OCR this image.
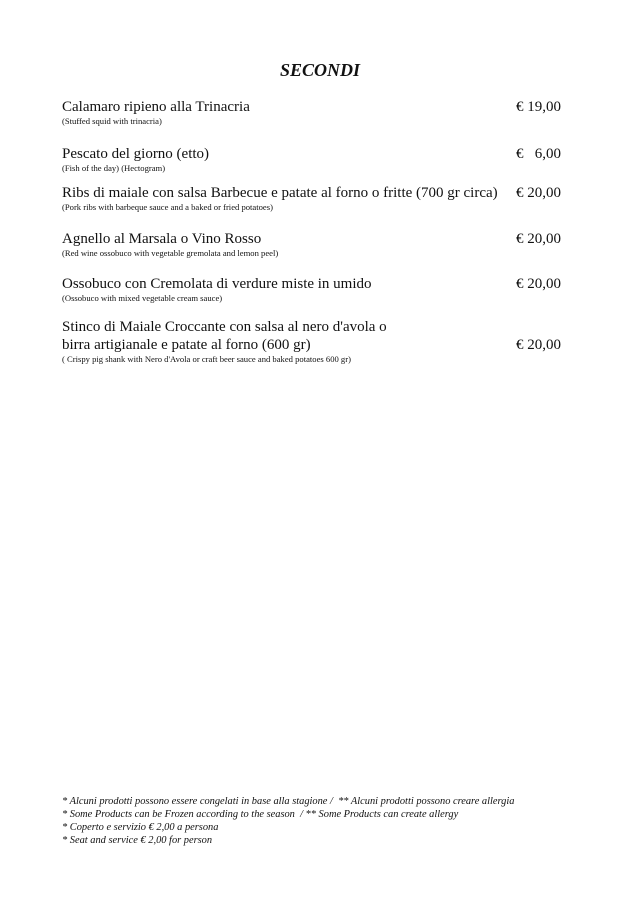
SECONDI
Calamaro ripieno alla Trinacria
(Stuffed squid with trinacria)
€ 19,00
Pescato del giorno (etto)
(Fish of the day) (Hectogram)
€   6,00
Ribs di maiale con salsa Barbecue e patate al forno o fritte (700 gr circa)
(Pork ribs with barbeque sauce and a baked or fried potatoes)
€ 20,00
Agnello al Marsala o Vino Rosso
(Red wine ossobuco with vegetable gremolata and lemon peel)
€ 20,00
Ossobuco con Cremolata di verdure miste in umido
(Ossobuco with mixed vegetable cream sauce)
€ 20,00
Stinco di Maiale Croccante con salsa al nero d'avola o
birra artigianale e patate al forno (600 gr)
( Crispy pig shank with Nero d'Avola or craft beer sauce and baked potatoes 600 gr)
€ 20,00
* Alcuni prodotti possono essere congelati in base alla stagione /  ** Alcuni prodotti possono creare allergia
* Some Products can be Frozen according to the season  / ** Some Products can create allergy
* Coperto e servizio € 2,00 a persona
* Seat and service € 2,00 for person
